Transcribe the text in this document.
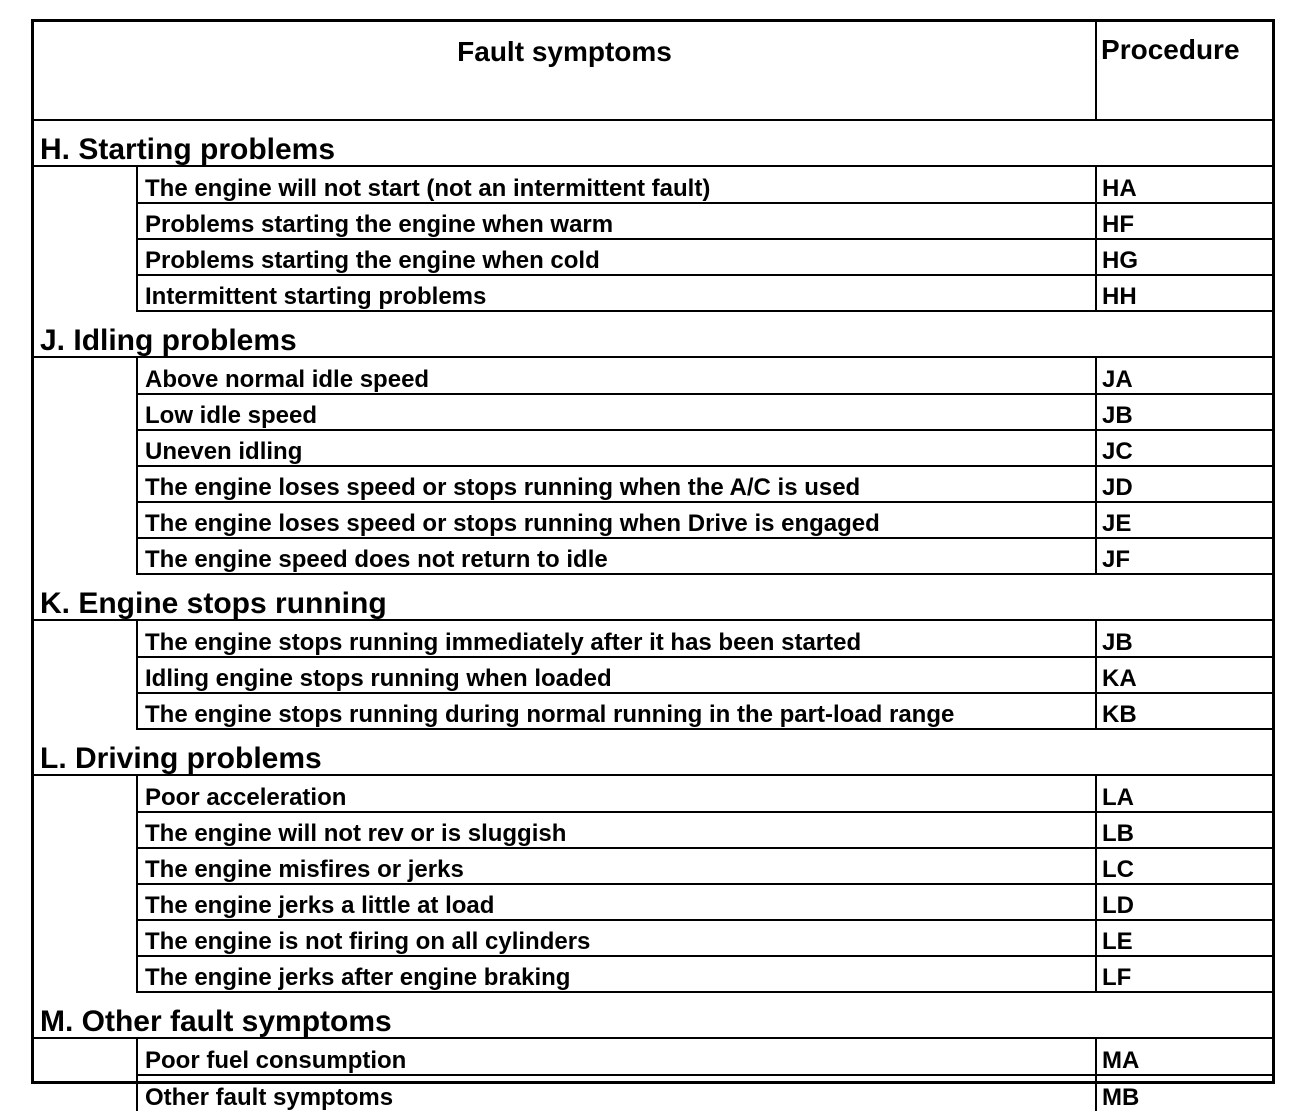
Fault symptoms		Procedure
H. Starting problems		
	The engine will not start (not an intermittent fault)	HA
	Problems starting the engine when warm	HF
	Problems starting the engine when cold	HG
	Intermittent starting problems	HH
J. Idling problems		
	Above normal idle speed	JA
	Low idle speed	JB
	Uneven idling	JC
	The engine loses speed or stops running when the A/C is used	JD
	The engine loses speed or stops running when Drive is engaged	JE
	The engine speed does not return to idle	JF
K. Engine stops running		
	The engine stops running immediately after it has been started	JB
	Idling engine stops running when loaded	KA
	The engine stops running during normal running in the part-load range	KB
L. Driving problems		
	Poor acceleration	LA
	The engine will not rev or is sluggish	LB
	The engine misfires or jerks	LC
	The engine jerks a little at load	LD
	The engine is not firing on all cylinders	LE
	The engine jerks after engine braking	LF
M. Other fault symptoms		
	Poor fuel consumption	MA
	Other fault symptoms	MB
